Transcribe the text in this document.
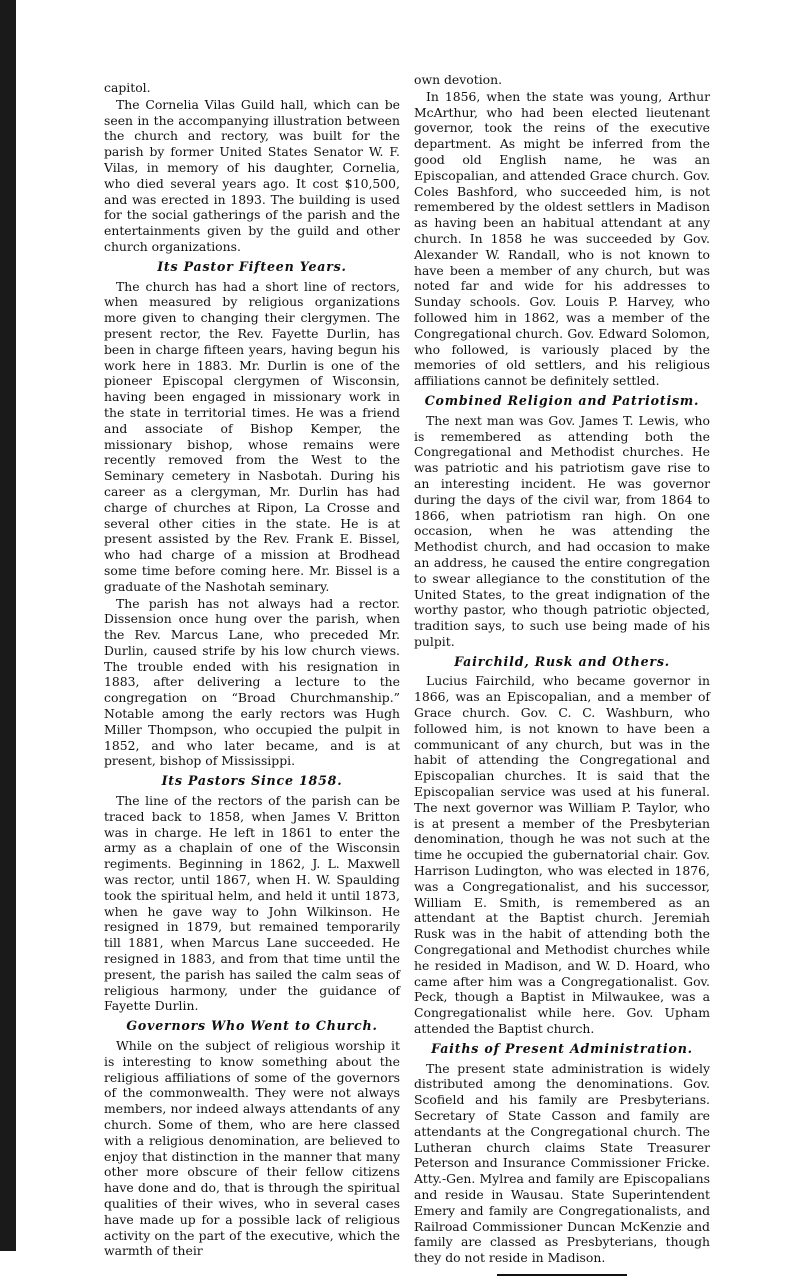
capitol.

The Cornelia Vilas Guild hall, which can be seen in the accompanying illustration between the church and rectory, was built for the parish by former United States Senator W. F. Vilas, in memory of his daughter, Cornelia, who died several years ago. It cost $10,500, and was erected in 1893. The building is used for the social gatherings of the parish and the entertainments given by the guild and other church organizations.

Its Pastor Fifteen Years.

The church has had a short line of rectors, when measured by religious organizations more given to changing their clergymen. The present rector, the Rev. Fayette Durlin, has been in charge fifteen years, having begun his work here in 1883. Mr. Durlin is one of the pioneer Episcopal clergymen of Wisconsin, having been engaged in missionary work in the state in territorial times. He was a friend and associate of Bishop Kemper, the missionary bishop, whose remains were recently removed from the West to the Seminary cemetery in Nasbotah. During his career as a clergyman, Mr. Durlin has had charge of churches at Ripon, La Crosse and several other cities in the state. He is at present assisted by the Rev. Frank E. Bissel, who had charge of a mission at Brodhead some time before coming here. Mr. Bissel is a graduate of the Nashotah seminary.

The parish has not always had a rector. Dissension once hung over the parish, when the Rev. Marcus Lane, who preceded Mr. Durlin, caused strife by his low church views. The trouble ended with his resignation in 1883, after delivering a lecture to the congregation on “Broad Churchmanship.” Notable among the early rectors was Hugh Miller Thompson, who occupied the pulpit in 1852, and who later became, and is at present, bishop of Mississippi.

Its Pastors Since 1858.

The line of the rectors of the parish can be traced back to 1858, when James V. Britton was in charge. He left in 1861 to enter the army as a chaplain of one of the Wisconsin regiments. Beginning in 1862, J. L. Maxwell was rector, until 1867, when H. W. Spaulding took the spiritual helm, and held it until 1873, when he gave way to John Wilkinson. He resigned in 1879, but remained temporarily till 1881, when Marcus Lane succeeded. He resigned in 1883, and from that time until the present, the parish has sailed the calm seas of religious harmony, under the guidance of Fayette Durlin.

Governors Who Went to Church.

While on the subject of religious worship it is interesting to know something about the religious affiliations of some of the governors of the commonwealth. They were not always members, nor indeed always attendants of any church. Some of them, who are here classed with a religious denomination, are believed to enjoy that distinction in the manner that many other more obscure of their fellow citizens have done and do, that is through the spiritual qualities of their wives, who in several cases have made up for a possible lack of religious activity on the part of the executive, which the warmth of their

own devotion.

In 1856, when the state was young, Arthur McArthur, who had been elected lieutenant governor, took the reins of the executive department. As might be inferred from the good old English name, he was an Episcopalian, and attended Grace church. Gov. Coles Bashford, who succeeded him, is not remembered by the oldest settlers in Madison as having been an habitual attendant at any church. In 1858 he was succeeded by Gov. Alexander W. Randall, who is not known to have been a member of any church, but was noted far and wide for his addresses to Sunday schools. Gov. Louis P. Harvey, who followed him in 1862, was a member of the Congregational church. Gov. Edward Solomon, who followed, is variously placed by the memories of old settlers, and his religious affiliations cannot be definitely settled.

Combined Religion and Patriotism.

The next man was Gov. James T. Lewis, who is remembered as attending both the Congregational and Methodist churches. He was patriotic and his patriotism gave rise to an interesting incident. He was governor during the days of the civil war, from 1864 to 1866, when patriotism ran high. On one occasion, when he was attending the Methodist church, and had occasion to make an address, he caused the entire congregation to swear allegiance to the constitution of the United States, to the great indignation of the worthy pastor, who though patriotic objected, tradition says, to such use being made of his pulpit.

Fairchild, Rusk and Others.

Lucius Fairchild, who became governor in 1866, was an Episcopalian, and a member of Grace church. Gov. C. C. Washburn, who followed him, is not known to have been a communicant of any church, but was in the habit of attending the Congregational and Episcopalian churches. It is said that the Episcopalian service was used at his funeral. The next governor was William P. Taylor, who is at present a member of the Presbyterian denomination, though he was not such at the time he occupied the gubernatorial chair. Gov. Harrison Ludington, who was elected in 1876, was a Congregationalist, and his successor, William E. Smith, is remembered as an attendant at the Baptist church. Jeremiah Rusk was in the habit of attending both the Congregational and Methodist churches while he resided in Madison, and W. D. Hoard, who came after him was a Congregationalist. Gov. Peck, though a Baptist in Milwaukee, was a Congregationalist while here. Gov. Upham attended the Baptist church.

Faiths of Present Administration.

The present state administration is widely distributed among the denominations. Gov. Scofield and his family are Presbyterians. Secretary of State Casson and family are attendants at the Congregational church. The Lutheran church claims State Treasurer Peterson and Insurance Commissioner Fricke. Atty.-Gen. Mylrea and family are Episcopalians and reside in Wausau. State Superintendent Emery and family are Congregationalists, and Railroad Commissioner Duncan McKenzie and family are classed as Presbyterians, though they do not reside in Madison.
